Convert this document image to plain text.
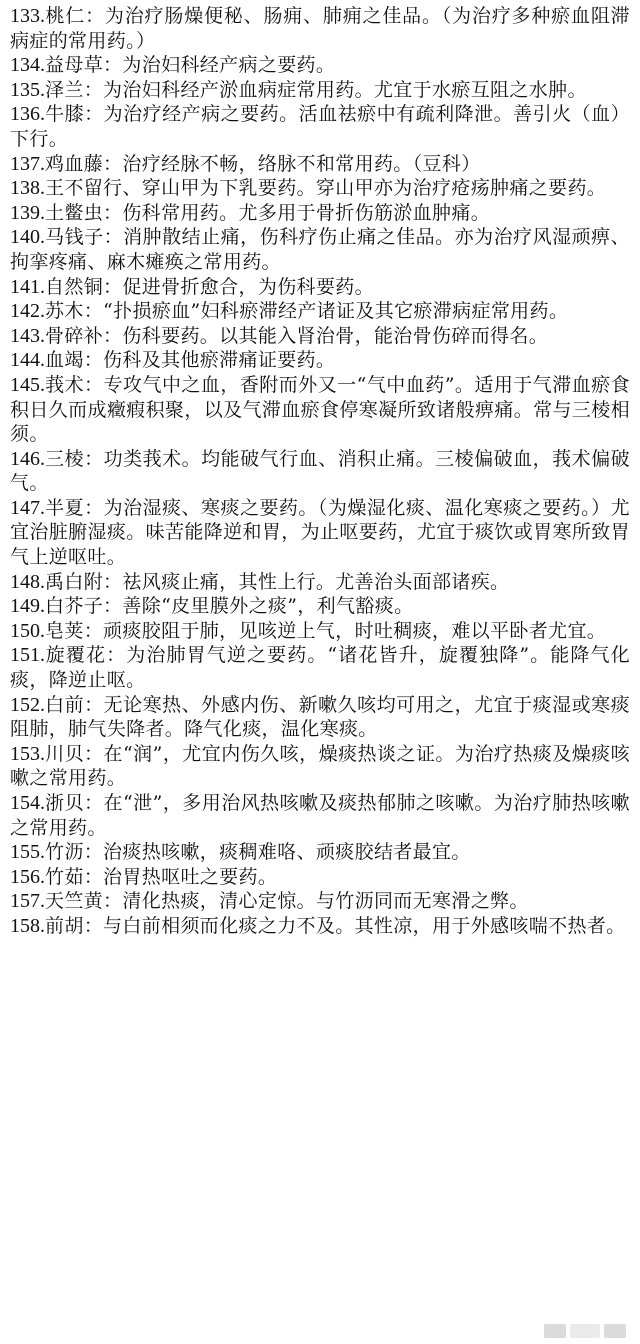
133.桃仁：为治疗肠燥便秘、肠痈、肺痈之佳品。（为治疗多种瘀血阻滞病症的常用药。）
134.益母草：为治妇科经产病之要药。
135.泽兰：为治妇科经产淤血病症常用药。尤宜于水瘀互阻之水肿。
136.牛膝：为治疗经产病之要药。活血祛瘀中有疏利降泄。善引火（血）下行。
137.鸡血藤：治疗经脉不畅，络脉不和常用药。（豆科）
138.王不留行、穿山甲为下乳要药。穿山甲亦为治疗疮疡肿痛之要药。
139.土鳖虫：伤科常用药。尤多用于骨折伤筋淤血肿痛。
140.马钱子：消肿散结止痛，伤科疗伤止痛之佳品。亦为治疗风湿顽痹、拘挛疼痛、麻木瘫痪之常用药。
141.自然铜：促进骨折愈合，为伤科要药。
142.苏木：“扑损瘀血”妇科瘀滞经产诸证及其它瘀滞病症常用药。
143.骨碎补：伤科要药。以其能入肾治骨，能治骨伤碎而得名。
144.血竭：伤科及其他瘀滞痛证要药。
145.莪术：专攻气中之血，香附而外又一“气中血药”。适用于气滞血瘀食积日久而成癥瘕积聚，以及气滞血瘀食停寒凝所致诸般痹痛。常与三棱相须。
146.三棱：功类莪术。均能破气行血、消积止痛。三棱偏破血，莪术偏破气。
147.半夏：为治湿痰、寒痰之要药。（为燥湿化痰、温化寒痰之要药。）尤宜治脏腑湿痰。味苦能降逆和胃，为止呕要药，尤宜于痰饮或胃寒所致胃气上逆呕吐。
148.禹白附：祛风痰止痛，其性上行。尤善治头面部诸疾。
149.白芥子：善除“皮里膜外之痰”，利气豁痰。
150.皂荚：顽痰胶阻于肺，见咳逆上气，时吐稠痰，难以平卧者尤宜。
151.旋覆花：为治肺胃气逆之要药。“诸花皆升，旋覆独降”。能降气化痰，降逆止呕。
152.白前：无论寒热、外感内伤、新嗽久咳均可用之，尤宜于痰湿或寒痰阻肺，肺气失降者。降气化痰，温化寒痰。
153.川贝：在“润”，尤宜内伤久咳，燥痰热谈之证。为治疗热痰及燥痰咳嗽之常用药。
154.浙贝：在“泄”，多用治风热咳嗽及痰热郁肺之咳嗽。为治疗肺热咳嗽之常用药。
155.竹沥：治痰热咳嗽，痰稠难咯、顽痰胶结者最宜。
156.竹茹：治胃热呕吐之要药。
157.天竺黄：清化热痰，清心定惊。与竹沥同而无寒滑之弊。
158.前胡：与白前相须而化痰之力不及。其性凉，用于外感咳喘不热者。
